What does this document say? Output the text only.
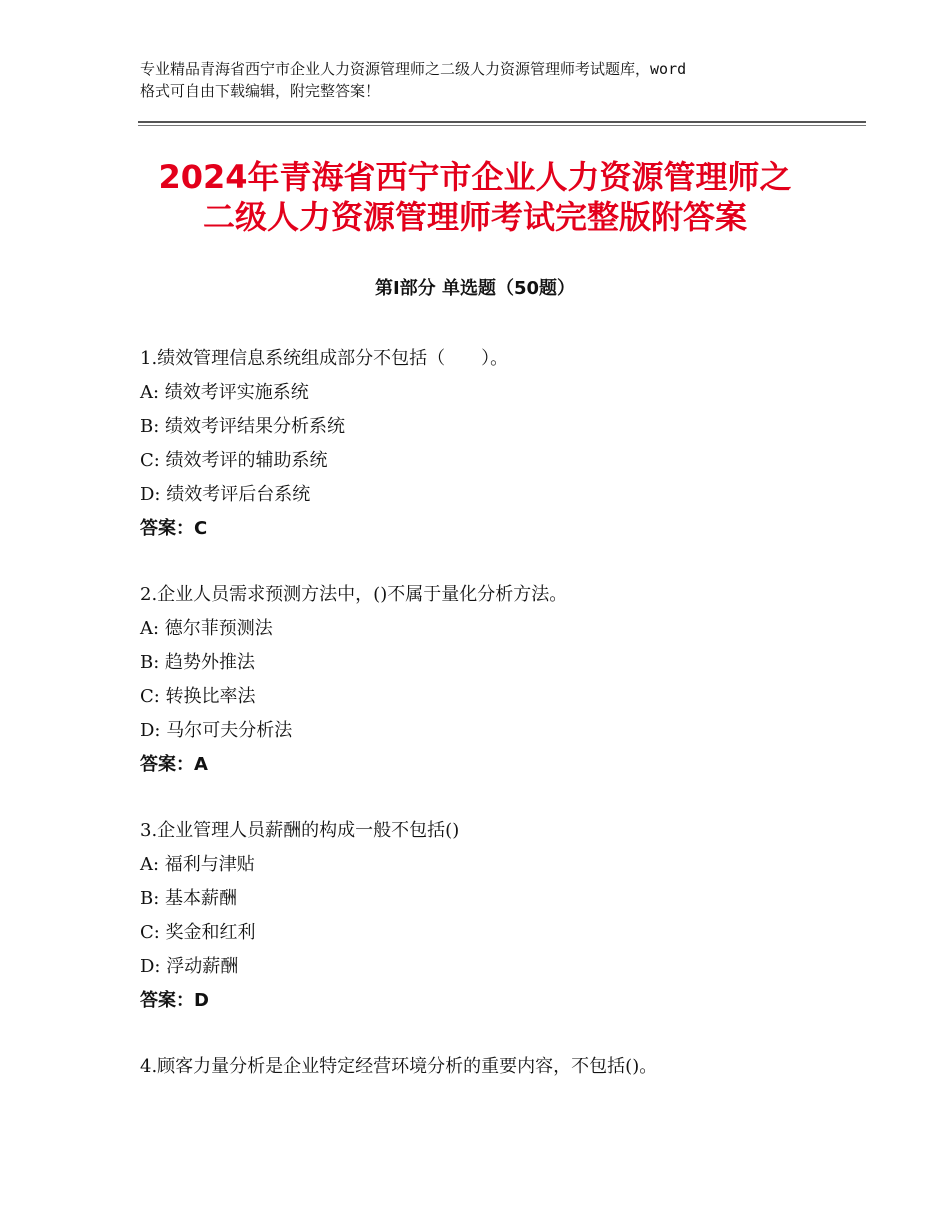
专业精品青海省西宁市企业人力资源管理师之二级人力资源管理师考试题库，word
格式可自由下载编辑，附完整答案！
2024年青海省西宁市企业人力资源管理师之
二级人力资源管理师考试完整版附答案
第Ⅰ部分 单选题（50题）
1.绩效管理信息系统组成部分不包括（　　）。
A: 绩效考评实施系统
B: 绩效考评结果分析系统
C: 绩效考评的辅助系统
D: 绩效考评后台系统
答案：C
2.企业人员需求预测方法中，()不属于量化分析方法。
A: 德尔菲预测法
B: 趋势外推法
C: 转换比率法
D: 马尔可夫分析法
答案：A
3.企业管理人员薪酬的构成一般不包括()
A: 福利与津贴
B: 基本薪酬
C: 奖金和红利
D: 浮动薪酬
答案：D
4.顾客力量分析是企业特定经营环境分析的重要内容，不包括()。
